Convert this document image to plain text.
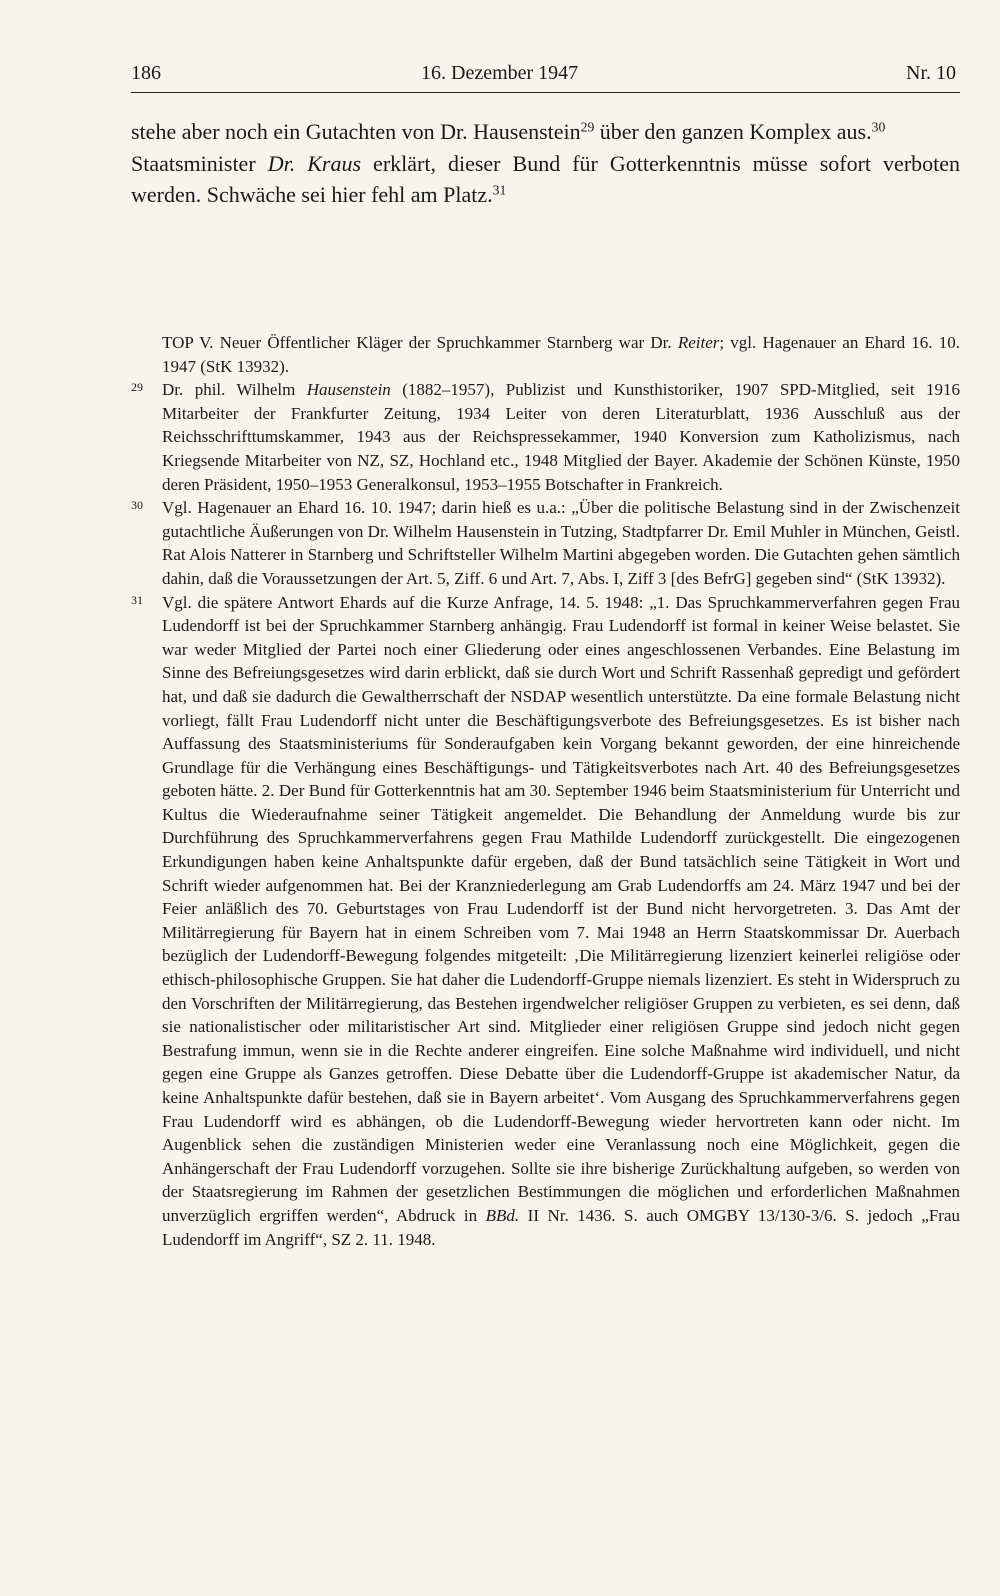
186	16. Dezember 1947	Nr. 10

stehe aber noch ein Gutachten von Dr. Hausenstein$^{29}$ über den ganzen Komplex aus.$^{30}$

Staatsminister Dr. Kraus erklärt, dieser Bund für Gotterkenntnis müsse sofort verboten werden. Schwäche sei hier fehl am Platz.$^{31}$

TOP V. Neuer Öffentlicher Kläger der Spruchkammer Starnberg war Dr. Reiter; vgl. Hagenauer an Ehard 16. 10. 1947 (StK 13932).

29 Dr. phil. Wilhelm Hausenstein (1882–1957), Publizist und Kunsthistoriker, 1907 SPD-Mitglied, seit 1916 Mitarbeiter der Frankfurter Zeitung, 1934 Leiter von deren Literaturblatt, 1936 Ausschluß aus der Reichsschrifttumskammer, 1943 aus der Reichspressekammer, 1940 Konversion zum Katholizismus, nach Kriegsende Mitarbeiter von NZ, SZ, Hochland etc., 1948 Mitglied der Bayer. Akademie der Schönen Künste, 1950 deren Präsident, 1950–1953 Generalkonsul, 1953–1955 Botschafter in Frankreich.

30 Vgl. Hagenauer an Ehard 16. 10. 1947; darin hieß es u.a.: „Über die politische Belastung sind in der Zwischenzeit gutachtliche Äußerungen von Dr. Wilhelm Hausenstein in Tutzing, Stadtpfarrer Dr. Emil Muhler in München, Geistl. Rat Alois Natterer in Starnberg und Schriftsteller Wilhelm Martini abgegeben worden. Die Gutachten gehen sämtlich dahin, daß die Voraussetzungen der Art. 5, Ziff. 6 und Art. 7, Abs. I, Ziff 3 [des BefrG] gegeben sind“ (StK 13932).

31 Vgl. die spätere Antwort Ehards auf die Kurze Anfrage, 14. 5. 1948: „1. Das Spruchkammerverfahren gegen Frau Ludendorff ist bei der Spruchkammer Starnberg anhängig. Frau Ludendorff ist formal in keiner Weise belastet. Sie war weder Mitglied der Partei noch einer Gliederung oder eines angeschlossenen Verbandes. Eine Belastung im Sinne des Befreiungsgesetzes wird darin erblickt, daß sie durch Wort und Schrift Rassenhaß gepredigt und gefördert hat, und daß sie dadurch die Gewaltherrschaft der NSDAP wesentlich unterstützte. Da eine formale Belastung nicht vorliegt, fällt Frau Ludendorff nicht unter die Beschäftigungsverbote des Befreiungsgesetzes. Es ist bisher nach Auffassung des Staatsministeriums für Sonderaufgaben kein Vorgang bekannt geworden, der eine hinreichende Grundlage für die Verhängung eines Beschäftigungs- und Tätigkeitsverbotes nach Art. 40 des Befreiungsgesetzes geboten hätte. 2. Der Bund für Gotterkenntnis hat am 30. September 1946 beim Staatsministerium für Unterricht und Kultus die Wiederaufnahme seiner Tätigkeit angemeldet. Die Behandlung der Anmeldung wurde bis zur Durchführung des Spruchkammerverfahrens gegen Frau Mathilde Ludendorff zurückgestellt. Die eingezogenen Erkundigungen haben keine Anhaltspunkte dafür ergeben, daß der Bund tatsächlich seine Tätigkeit in Wort und Schrift wieder aufgenommen hat. Bei der Kranzniederlegung am Grab Ludendorffs am 24. März 1947 und bei der Feier anläßlich des 70. Geburtstages von Frau Ludendorff ist der Bund nicht hervorgetreten. 3. Das Amt der Militärregierung für Bayern hat in einem Schreiben vom 7. Mai 1948 an Herrn Staatskommissar Dr. Auerbach bezüglich der Ludendorff-Bewegung folgendes mitgeteilt: ‚Die Militärregierung lizenziert keinerlei religiöse oder ethisch-philosophische Gruppen. Sie hat daher die Ludendorff-Gruppe niemals lizenziert. Es steht in Widerspruch zu den Vorschriften der Militärregierung, das Bestehen irgendwelcher religiöser Gruppen zu verbieten, es sei denn, daß sie nationalistischer oder militaristischer Art sind. Mitglieder einer religiösen Gruppe sind jedoch nicht gegen Bestrafung immun, wenn sie in die Rechte anderer eingreifen. Eine solche Maßnahme wird individuell, und nicht gegen eine Gruppe als Ganzes getroffen. Diese Debatte über die Ludendorff-Gruppe ist akademischer Natur, da keine Anhaltspunkte dafür bestehen, daß sie in Bayern arbeitet‘. Vom Ausgang des Spruchkammerverfahrens gegen Frau Ludendorff wird es abhängen, ob die Ludendorff-Bewegung wieder hervortreten kann oder nicht. Im Augenblick sehen die zuständigen Ministerien weder eine Veranlassung noch eine Möglichkeit, gegen die Anhängerschaft der Frau Ludendorff vorzugehen. Sollte sie ihre bisherige Zurückhaltung aufgeben, so werden von der Staatsregierung im Rahmen der gesetzlichen Bestimmungen die möglichen und erforderlichen Maßnahmen unverzüglich ergriffen werden“, Abdruck in BBd. II Nr. 1436. S. auch OMGBY 13/130-3/6. S. jedoch „Frau Ludendorff im Angriff“, SZ 2. 11. 1948.
